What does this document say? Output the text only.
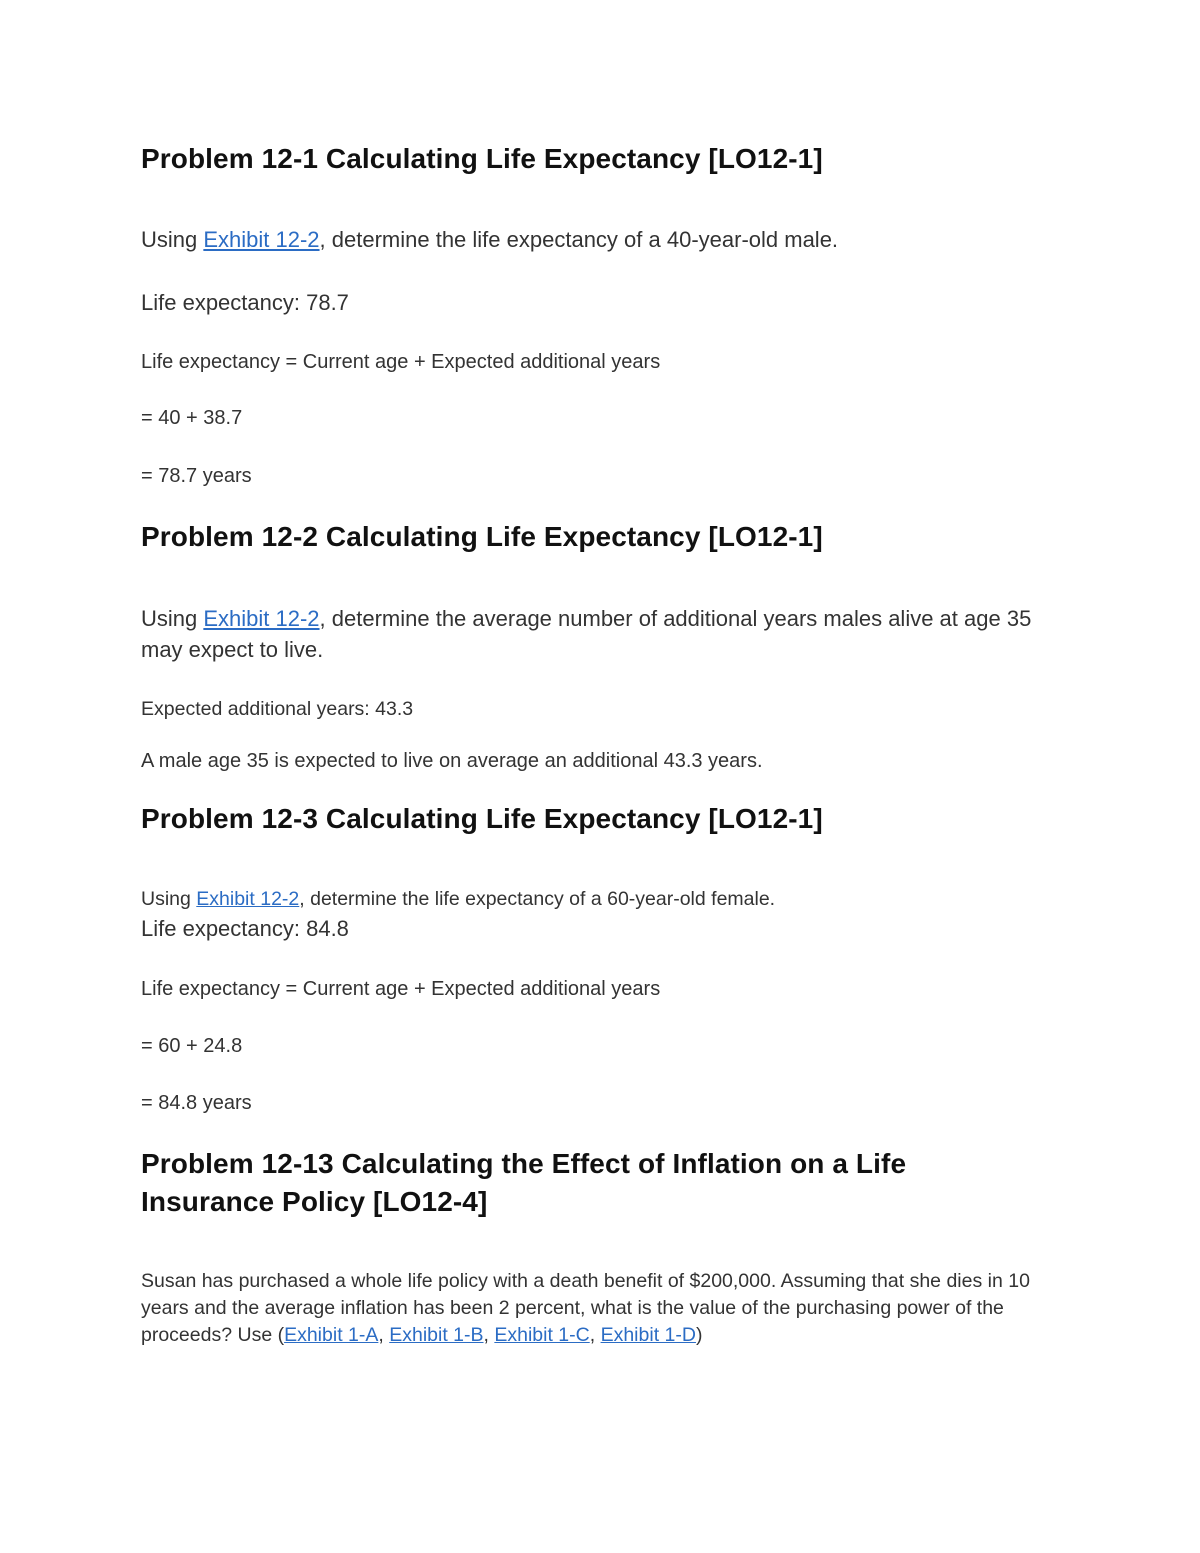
Problem 12-1 Calculating Life Expectancy [LO12-1]
Using Exhibit 12-2, determine the life expectancy of a 40-year-old male.
Life expectancy: 78.7
Life expectancy = Current age + Expected additional years
= 40 + 38.7
= 78.7 years
Problem 12-2 Calculating Life Expectancy [LO12-1]
Using Exhibit 12-2, determine the average number of additional years males alive at age 35 may expect to live.
Expected additional years: 43.3
A male age 35 is expected to live on average an additional 43.3 years.
Problem 12-3 Calculating Life Expectancy [LO12-1]
Using Exhibit 12-2, determine the life expectancy of a 60-year-old female.
Life expectancy: 84.8
Life expectancy = Current age + Expected additional years
= 60 + 24.8
= 84.8 years
Problem 12-13 Calculating the Effect of Inflation on a Life
Insurance Policy [LO12-4]
Susan has purchased a whole life policy with a death benefit of $200,000. Assuming that she dies in 10 years and the average inflation has been 2 percent, what is the value of the purchasing power of the proceeds? Use (Exhibit 1-A, Exhibit 1-B, Exhibit 1-C, Exhibit 1-D)
